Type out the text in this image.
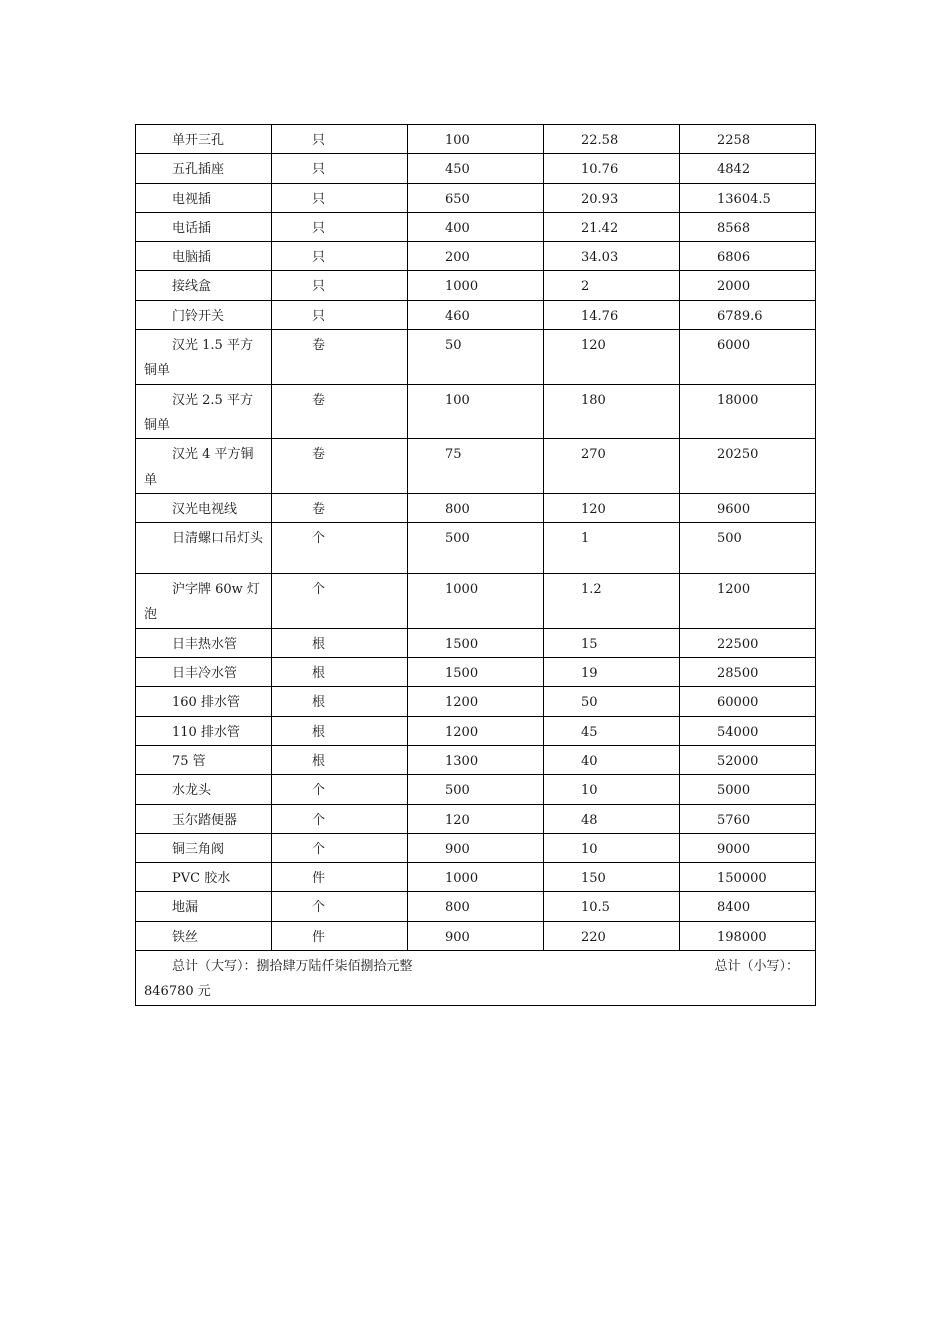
单开三孔	只	100	22.58	2258
五孔插座	只	450	10.76	4842
电视插	只	650	20.93	13604.5
电话插	只	400	21.42	8568
电脑插	只	200	34.03	6806
接线盒	只	1000	2	2000
门铃开关	只	460	14.76	6789.6
汉光 1.5 平方铜单	卷	50	120	6000
汉光 2.5 平方铜单	卷	100	180	18000
汉光 4 平方铜单	卷	75	270	20250
汉光电视线	卷	800	120	9600
日清螺口吊灯头	个	500	1	500
沪字牌 60w 灯泡	个	1000	1.2	1200
日丰热水管	根	1500	15	22500
日丰冷水管	根	1500	19	28500
160 排水管	根	1200	50	60000
110 排水管	根	1200	45	54000
75 管	根	1300	40	52000
水龙头	个	500	10	5000
玉尔踏便器	个	120	48	5760
铜三角阀	个	900	10	9000
PVC 胶水	件	1000	150	150000
地漏	个	800	10.5	8400
铁丝	件	900	220	198000
总计（大写）：捌拾肆万陆仟柒佰捌拾元整 总计（小写）：

846780 元				
